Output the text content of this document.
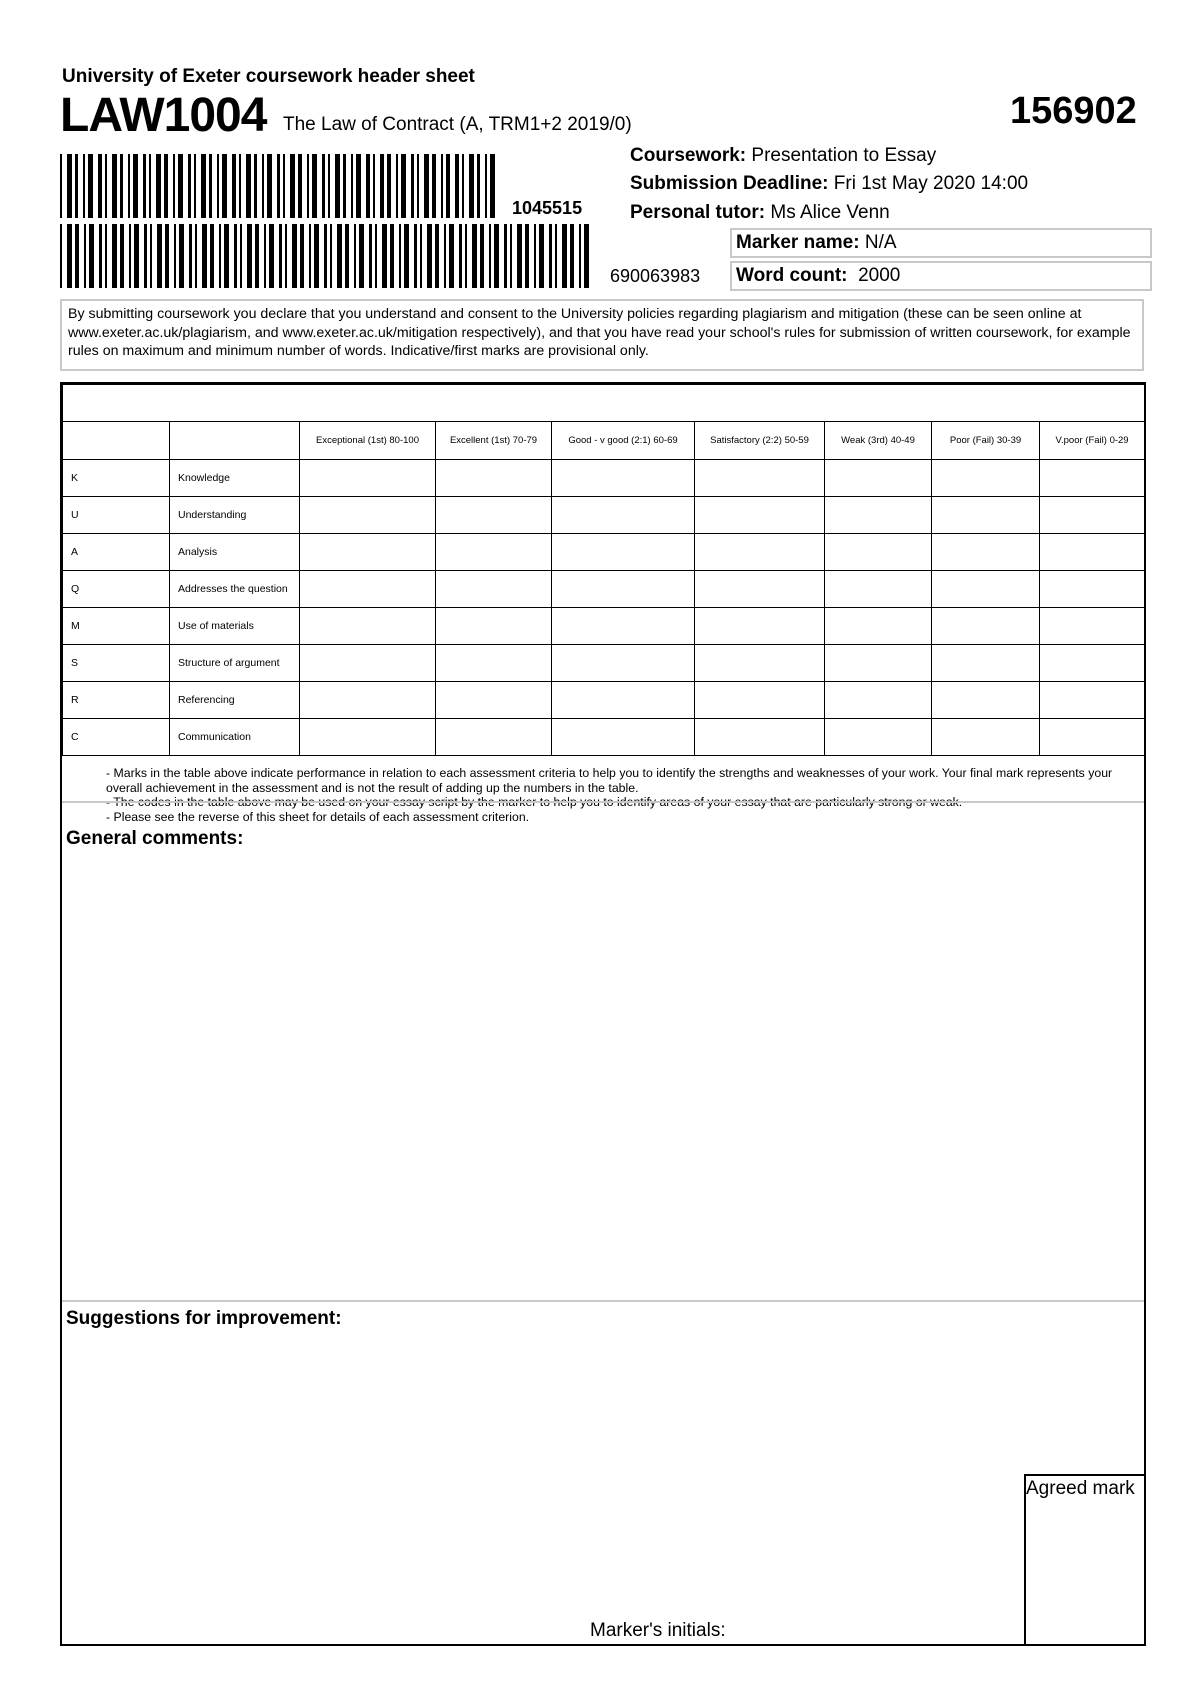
University of Exeter coursework header sheet
LAW1004 The Law of Contract (A, TRM1+2 2019/0)	156902
1045515
690063983
Coursework: Presentation to Essay
Submission Deadline: Fri 1st May 2020 14:00
Personal tutor: Ms Alice Venn
Marker name: N/A
Word count: 2000
By submitting coursework you declare that you understand and consent to the University policies regarding plagiarism and mitigation (these can be seen online at www.exeter.ac.uk/plagiarism, and www.exeter.ac.uk/mitigation respectively), and that you have read your school's rules for submission of written coursework, for example rules on maximum and minimum number of words. Indicative/first marks are provisional only.

		Exceptional (1st) 80-100	Excellent (1st) 70-79	Good - v good (2:1) 60-69	Satisfactory (2:2) 50-59	Weak (3rd) 40-49	Poor (Fail) 30-39	V.poor (Fail) 0-29
K	Knowledge							
U	Understanding							
A	Analysis							
Q	Addresses the question							
M	Use of materials							
S	Structure of argument							
R	Referencing							
C	Communication							
- Marks in the table above indicate performance in relation to each assessment criteria to help you to identify the strengths and weaknesses of your work. Your final mark represents your overall achievement in the assessment and is not the result of adding up the numbers in the table.
- Please see the reverse of this sheet for details of each assessment criterion.
General comments:
Suggestions for improvement:
Agreed mark
Marker's initials:
